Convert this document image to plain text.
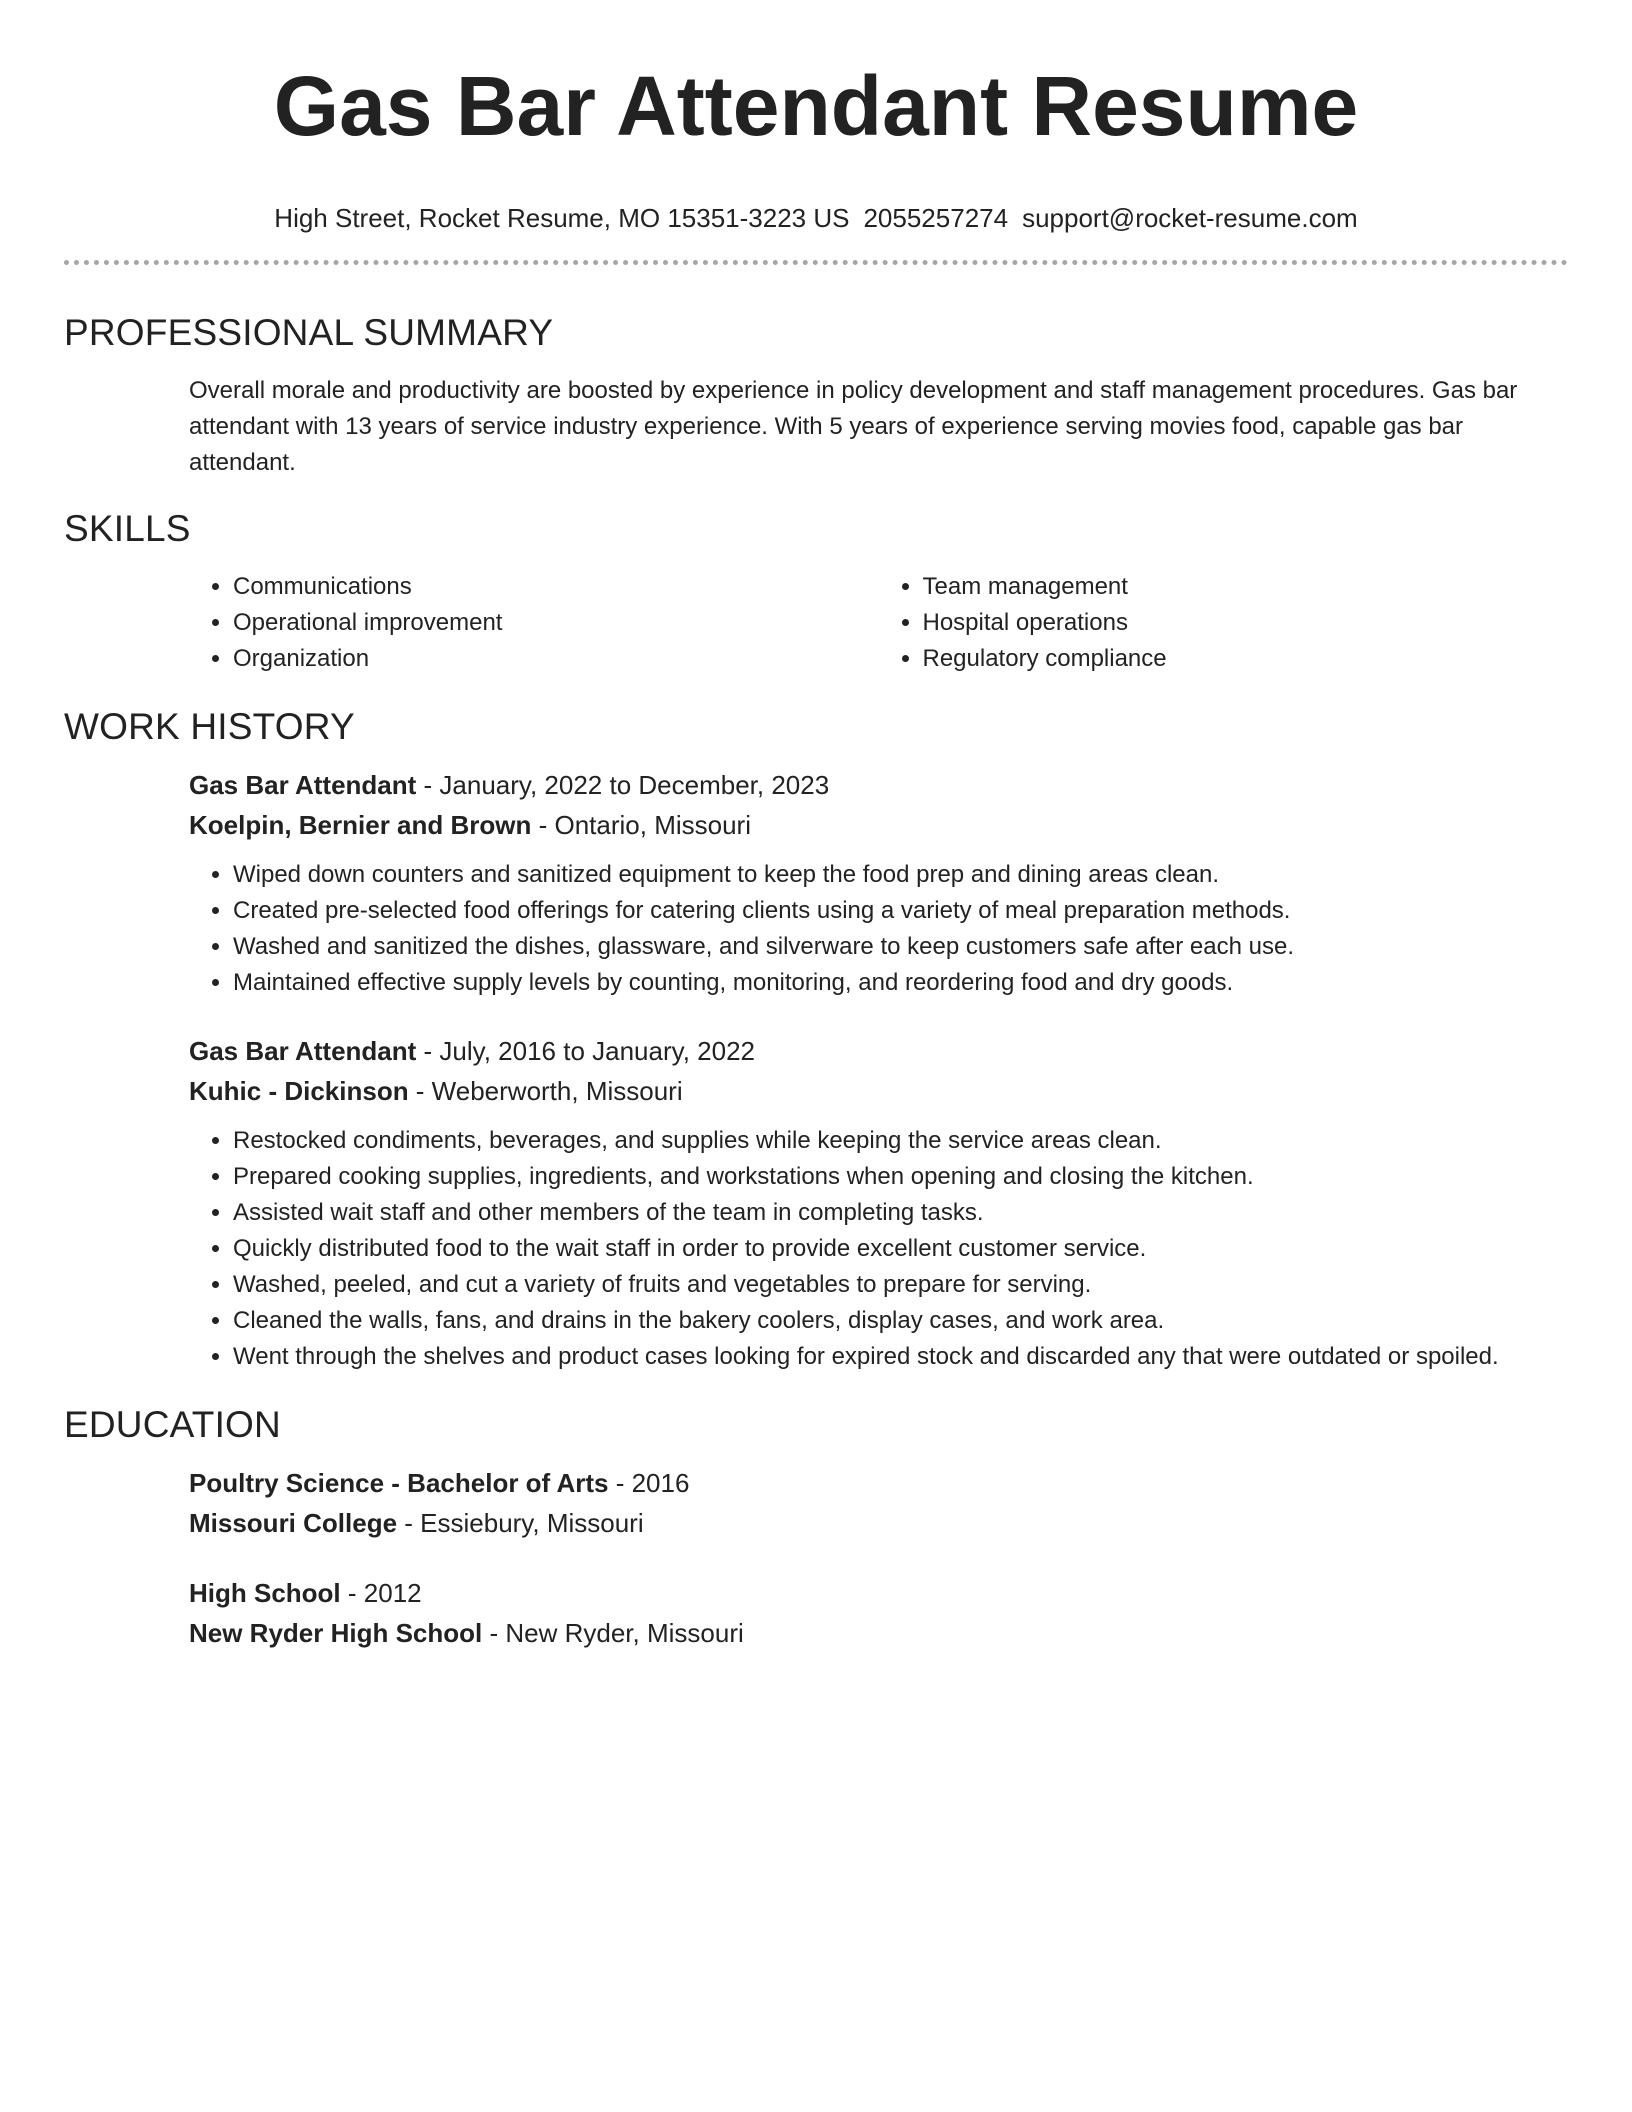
Gas Bar Attendant Resume
High Street, Rocket Resume, MO 15351-3223 US 2055257274 support@rocket-resume.com
PROFESSIONAL SUMMARY

Overall morale and productivity are boosted by experience in policy development and staff management procedures. Gas bar attendant with 13 years of service industry experience. With 5 years of experience serving movies food, capable gas bar attendant.

SKILLS
• Communications
• Operational improvement
• Organization
• Team management
• Hospital operations
• Regulatory compliance
WORK HISTORY
Gas Bar Attendant - January, 2022 to December, 2023
Koelpin, Bernier and Brown - Ontario, Missouri
• Wiped down counters and sanitized equipment to keep the food prep and dining areas clean.
• Created pre-selected food offerings for catering clients using a variety of meal preparation methods.
• Washed and sanitized the dishes, glassware, and silverware to keep customers safe after each use.
• Maintained effective supply levels by counting, monitoring, and reordering food and dry goods.
Gas Bar Attendant - July, 2016 to January, 2022
Kuhic - Dickinson - Weberworth, Missouri
• Restocked condiments, beverages, and supplies while keeping the service areas clean.
• Prepared cooking supplies, ingredients, and workstations when opening and closing the kitchen.
• Assisted wait staff and other members of the team in completing tasks.
• Quickly distributed food to the wait staff in order to provide excellent customer service.
• Washed, peeled, and cut a variety of fruits and vegetables to prepare for serving.
• Cleaned the walls, fans, and drains in the bakery coolers, display cases, and work area.
• Went through the shelves and product cases looking for expired stock and discarded any that were outdated or spoiled.
EDUCATION
Poultry Science - Bachelor of Arts - 2016
Missouri College - Essiebury, Missouri
High School - 2012
New Ryder High School - New Ryder, Missouri
